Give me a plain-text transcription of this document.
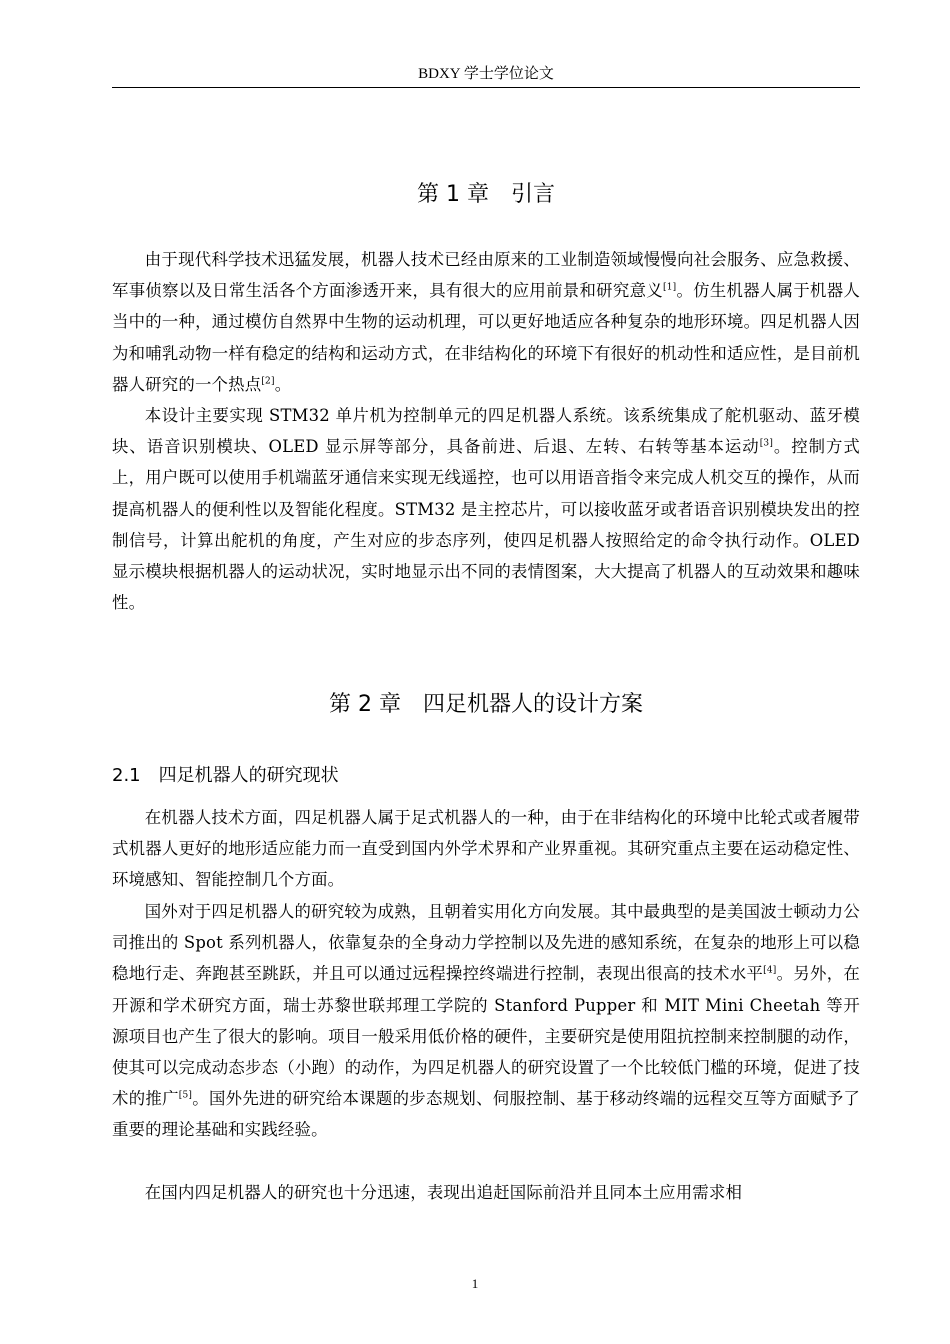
BDXY 学士学位论文
第 1 章　引言

由于现代科学技术迅猛发展，机器人技术已经由原来的工业制造领域慢慢向社会服务、应急救援、军事侦察以及日常生活各个方面渗透开来，具有很大的应用前景和研究意义[1]。仿生机器人属于机器人当中的一种，通过模仿自然界中生物的运动机理，可以更好地适应各种复杂的地形环境。四足机器人因为和哺乳动物一样有稳定的结构和运动方式，在非结构化的环境下有很好的机动性和适应性，是目前机器人研究的一个热点[2]。

本设计主要实现 STM32 单片机为控制单元的四足机器人系统。该系统集成了舵机驱动、蓝牙模块、语音识别模块、OLED 显示屏等部分，具备前进、后退、左转、右转等基本运动[3]。控制方式上，用户既可以使用手机端蓝牙通信来实现无线遥控，也可以用语音指令来完成人机交互的操作，从而提高机器人的便利性以及智能化程度。STM32 是主控芯片，可以接收蓝牙或者语音识别模块发出的控制信号，计算出舵机的角度，产生对应的步态序列，使四足机器人按照给定的命令执行动作。OLED 显示模块根据机器人的运动状况，实时地显示出不同的表情图案，大大提高了机器人的互动效果和趣味性。

第 2 章　四足机器人的设计方案
2.1　四足机器人的研究现状

在机器人技术方面，四足机器人属于足式机器人的一种，由于在非结构化的环境中比轮式或者履带式机器人更好的地形适应能力而一直受到国内外学术界和产业界重视。其研究重点主要在运动稳定性、环境感知、智能控制几个方面。

国外对于四足机器人的研究较为成熟，且朝着实用化方向发展。其中最典型的是美国波士顿动力公司推出的 Spot 系列机器人，依靠复杂的全身动力学控制以及先进的感知系统，在复杂的地形上可以稳稳地行走、奔跑甚至跳跃，并且可以通过远程操控终端进行控制，表现出很高的技术水平[4]。另外，在开源和学术研究方面，瑞士苏黎世联邦理工学院的 Stanford Pupper 和 MIT Mini Cheetah 等开源项目也产生了很大的影响。项目一般采用低价格的硬件，主要研究是使用阻抗控制来控制腿的动作，使其可以完成动态步态（小跑）的动作，为四足机器人的研究设置了一个比较低门槛的环境，促进了技术的推广[5]。国外先进的研究给本课题的步态规划、伺服控制、基于移动终端的远程交互等方面赋予了重要的理论基础和实践经验。

在国内四足机器人的研究也十分迅速，表现出追赶国际前沿并且同本土应用需求相

1
